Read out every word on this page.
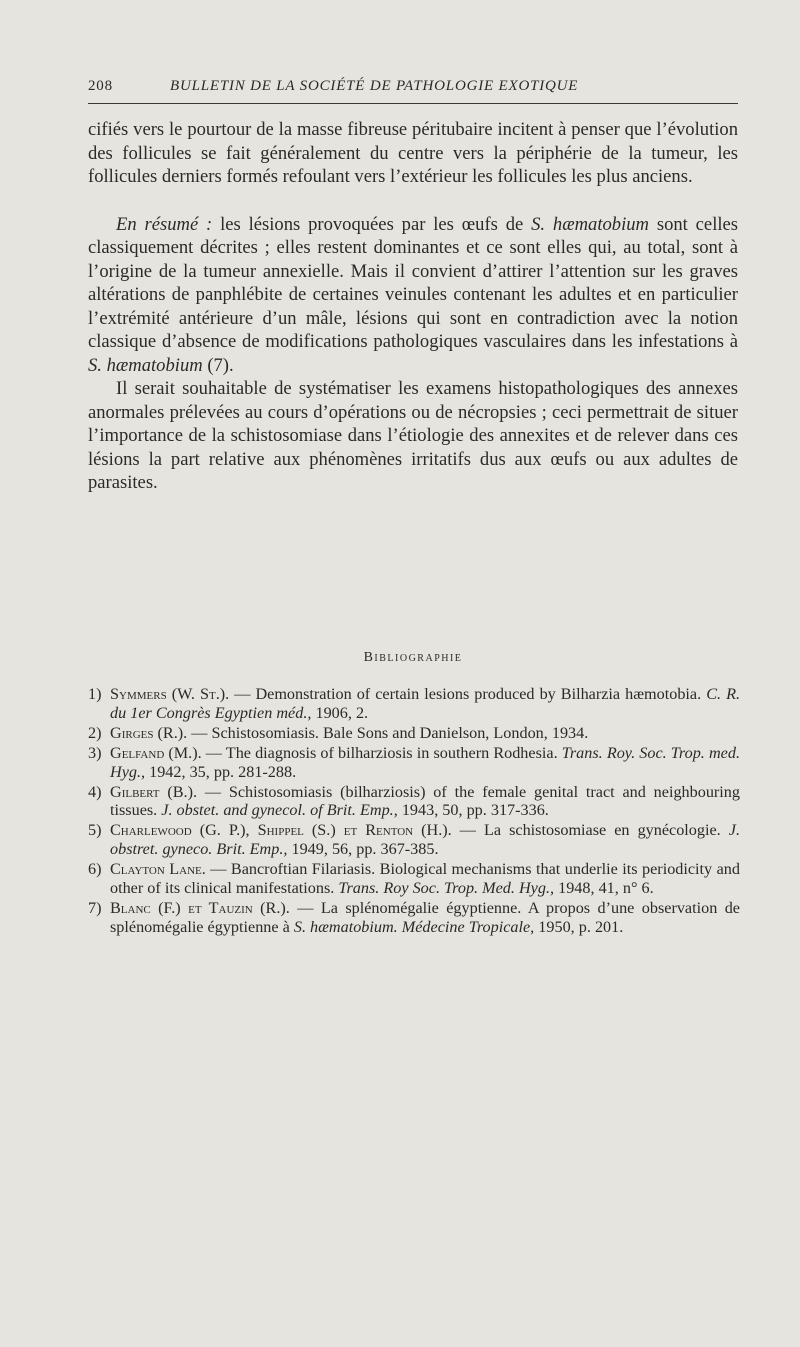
208	BULLETIN DE LA SOCIÉTÉ DE PATHOLOGIE EXOTIQUE

cifiés vers le pourtour de la masse fibreuse péritubaire incitent à penser que l’évolution des follicules se fait généralement du centre vers la périphérie de la tumeur, les follicules derniers formés refoulant vers l’extérieur les follicules les plus anciens.

En résumé : les lésions provoquées par les œufs de S. hæmatobium sont celles classiquement décrites ; elles restent dominantes et ce sont elles qui, au total, sont à l’origine de la tumeur annexielle. Mais il convient d’attirer l’attention sur les graves altérations de panphlébite de certaines veinules contenant les adultes et en particulier l’extrémité antérieure d’un mâle, lésions qui sont en contradiction avec la notion classique d’absence de modifications pathologiques vasculaires dans les infestations à S. hæmatobium (7).

Il serait souhaitable de systématiser les examens histopathologiques des annexes anormales prélevées au cours d’opérations ou de nécropsies ; ceci permettrait de situer l’importance de la schistosomiase dans l’étiologie des annexites et de relever dans ces lésions la part relative aux phénomènes irritatifs dus aux œufs ou aux adultes de parasites.

Bibliographie

1) Symmers (W. St.). — Demonstration of certain lesions produced by Bilharzia hæmotobia. C. R. du 1er Congrès Egyptien méd., 1906, 2.

2) Girges (R.). — Schistosomiasis. Bale Sons and Danielson, London, 1934.

3) Gelfand (M.). — The diagnosis of bilharziosis in southern Rodhesia. Trans. Roy. Soc. Trop. med. Hyg., 1942, 35, pp. 281-288.

4) Gilbert (B.). — Schistosomiasis (bilharziosis) of the female genital tract and neighbouring tissues. J. obstet. and gynecol. of Brit. Emp., 1943, 50, pp. 317-336.

5) Charlewood (G. P.), Shippel (S.) et Renton (H.). — La schistosomiase en gynécologie. J. obstret. gyneco. Brit. Emp., 1949, 56, pp. 367-385.

6) Clayton Lane. — Bancroftian Filariasis. Biological mechanisms that underlie its periodicity and other of its clinical manifestations. Trans. Roy Soc. Trop. Med. Hyg., 1948, 41, n° 6.

7) Blanc (F.) et Tauzin (R.). — La splénomégalie égyptienne. A propos d’une observation de splénomégalie égyptienne à S. hæmatobium. Médecine Tropicale, 1950, p. 201.
